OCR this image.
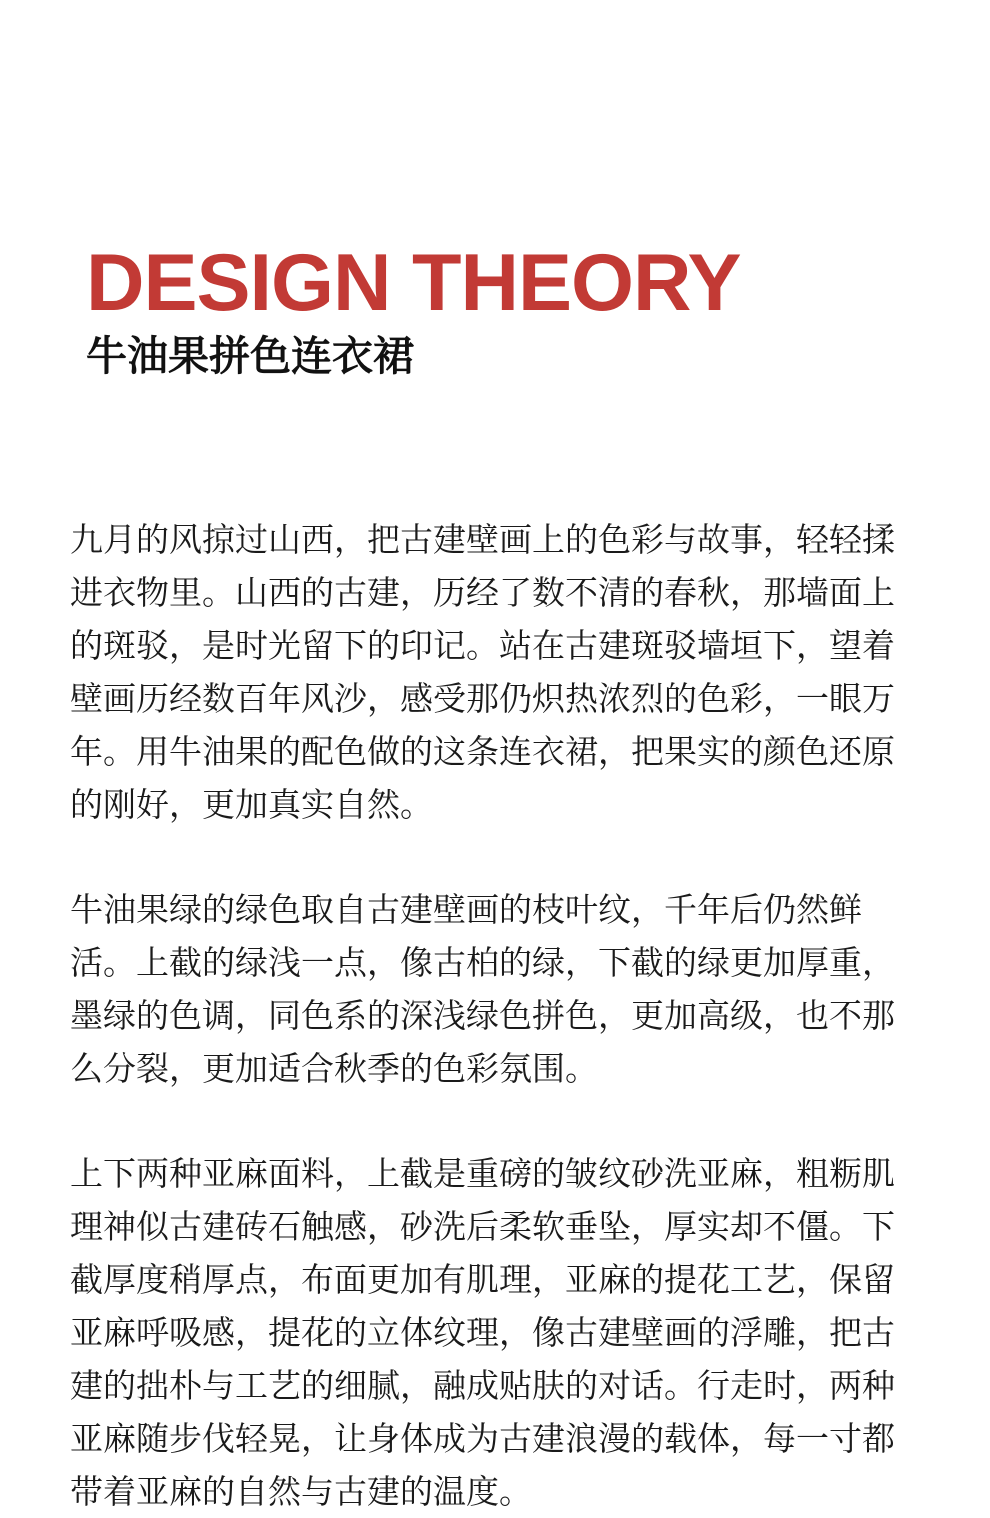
DESIGN THEORY
牛油果拼色连衣裙

九月的风掠过山西，把古建壁画上的色彩与故事，轻轻揉进衣物里。山西的古建，历经了数不清的春秋，那墙面上的斑驳，是时光留下的印记。站在古建斑驳墙垣下，望着壁画历经数百年风沙，感受那仍炽热浓烈的色彩，一眼万年。用牛油果的配色做的这条连衣裙，把果实的颜色还原的刚好，更加真实自然。

牛油果绿的绿色取自古建壁画的枝叶纹，千年后仍然鲜活。上截的绿浅一点，像古柏的绿，下截的绿更加厚重，墨绿的色调，同色系的深浅绿色拼色，更加高级，也不那么分裂，更加适合秋季的色彩氛围。

上下两种亚麻面料，上截是重磅的皱纹砂洗亚麻，粗粝肌理神似古建砖石触感，砂洗后柔软垂坠，厚实却不僵。下截厚度稍厚点，布面更加有肌理，亚麻的提花工艺，保留亚麻呼吸感，提花的立体纹理，像古建壁画的浮雕，把古建的拙朴与工艺的细腻，融成贴肤的对话。行走时，两种亚麻随步伐轻晃，让身体成为古建浪漫的载体，每一寸都带着亚麻的自然与古建的温度。
